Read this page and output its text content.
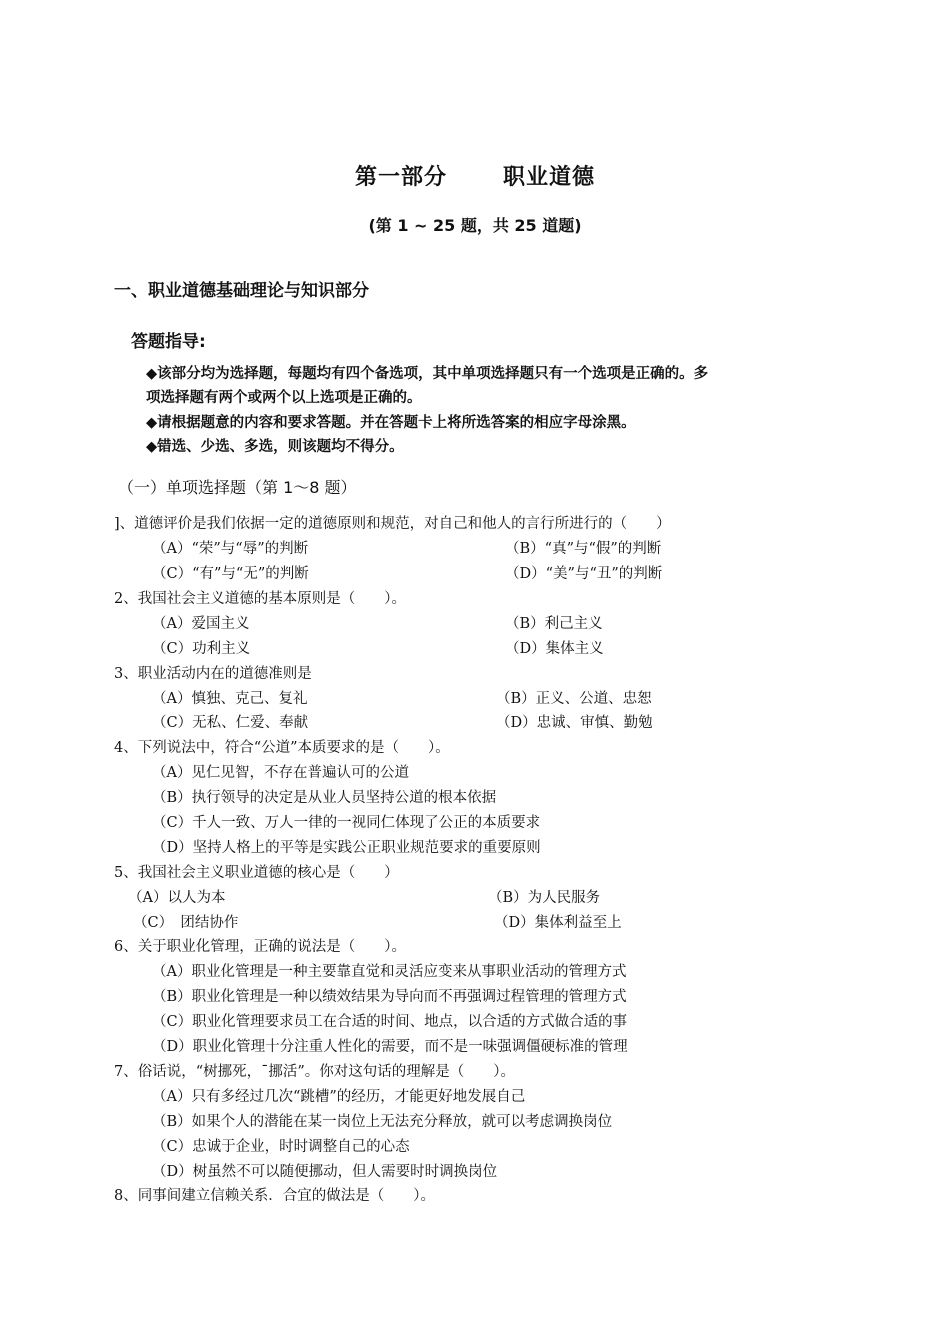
第一部分	职业道德
(第 1 ~ 25 题，共 25 道题)
一、职业道德基础理论与知识部分
答题指导:
◆该部分均为选择题，每题均有四个备选项，其中单项选择题只有一个选项是正确的。多
项选择题有两个或两个以上选项是正确的。
◆请根据题意的内容和要求答题。并在答题卡上将所选答案的相应字母涂黑。
◆错选、少选、多选，则该题均不得分。
（一）单项选择题（第 1～8 题）
]、道德评价是我们依据一定的道德原则和规范，对自己和他人的言行所进行的（　　）
（A）“荣”与“辱”的判断	（B）“真”与“假”的判断
（C）“有”与“无”的判断	（D）“美”与“丑”的判断
2、我国社会主义道德的基本原则是（　　）。
（A）爱国主义	（B）利己主义
（C）功利主义	（D）集体主义
3、职业活动内在的道德准则是
（A）慎独、克己、复礼	（B）正义、公道、忠恕
（C）无私、仁爱、奉献	（D）忠诚、审慎、勤勉
4、下列说法中，符合“公道”本质要求的是（　　）。
（A）见仁见智，不存在普遍认可的公道
（B）执行领导的决定是从业人员坚持公道的根本依据
（C）千人一致、万人一律的一视同仁体现了公正的本质要求
（D）坚持人格上的平等是实践公正职业规范要求的重要原则
5、我国社会主义职业道德的核心是（　　）
（A）以人为本	（B）为人民服务
（C）　团结协作	（D）集体利益至上
6、关于职业化管理，正确的说法是（　　）。
（A）职业化管理是一种主要靠直觉和灵活应变来从事职业活动的管理方式
（B）职业化管理是一种以绩效结果为导向而不再强调过程管理的管理方式
（C）职业化管理要求员工在合适的时间、地点，以合适的方式做合适的事
（D）职业化管理十分注重人性化的需要，而不是一味强调僵硬标准的管理
7、俗话说，“树挪死，ˉ挪活”。你对这句话的理解是（　　）。
（A）只有多经过几次“跳槽”的经历，才能更好地发展自己
（B）如果个人的潜能在某一岗位上无法充分释放，就可以考虑调换岗位
（C）忠诚于企业，时时调整自己的心态
（D）树虽然不可以随便挪动，但人需要时时调换岗位
8、同事间建立信赖关系．合宜的做法是（　　）。
